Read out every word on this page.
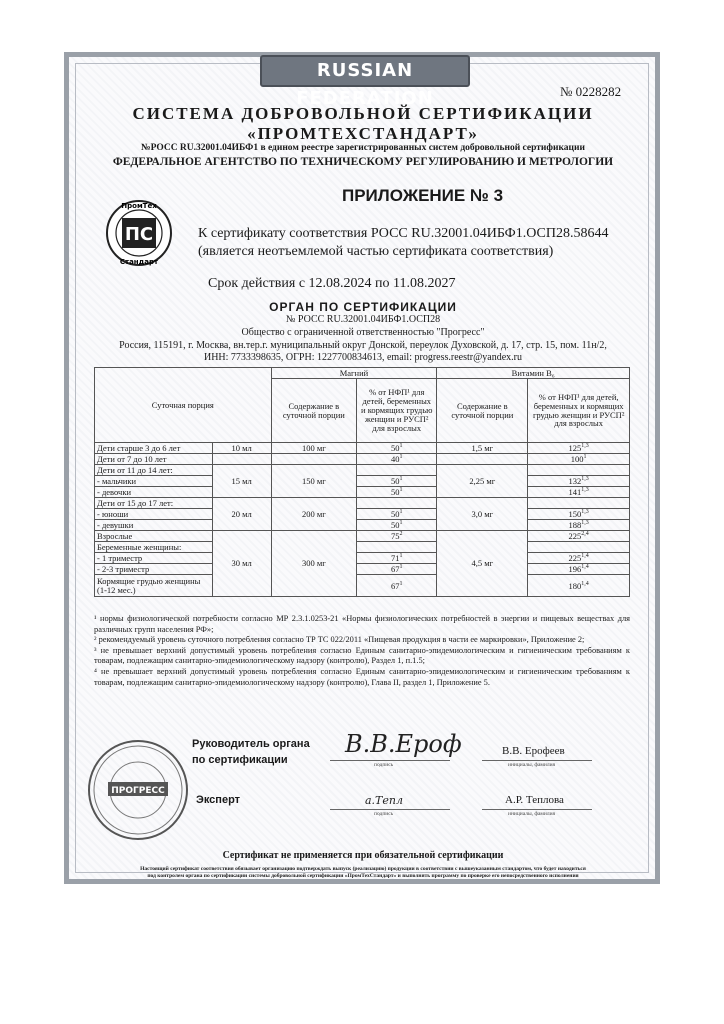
RUSSIAN FEDERATION	№ 0228282
СИСТЕМА ДОБРОВОЛЬНОЙ СЕРТИФИКАЦИИ
«ПРОМТЕХСТАНДАРТ»
№РОСС RU.32001.04ИБФ1 в едином реестре зарегистрированных систем добровольной сертификации
ФЕДЕРАЛЬНОЕ АГЕНТСТВО ПО ТЕХНИЧЕСКОМУ РЕГУЛИРОВАНИЮ И МЕТРОЛОГИИ
ПРИЛОЖЕНИЕ № 3
ПС
ПромТех
Стандарт
К сертификату соответствия РОСС RU.32001.04ИБФ1.ОСП28.58644
(является неотъемлемой частью сертификата соответствия)
Срок действия с 12.08.2024 по 11.08.2027
ОРГАН ПО СЕРТИФИКАЦИИ
№ РОСС RU.32001.04ИБФ1.ОСП28
Общество с ограниченной ответственностью "Прогресс"
Россия, 115191, г. Москва, вн.тер.г. муниципальный округ Донской, переулок Духовской, д. 17, стр. 15, пом. 11н/2,
ИНН: 7733398635, ОГРН: 1227700834613, email: progress.reestr@yandex.ru
Суточная порция		Магний		Витамин B₆	
		Содержание в суточной порции	% от НФП¹ для детей, беременных и кормящих грудью женщин и РУСП² для взрослых	Содержание в суточной порции	% от НФП¹ для детей, беременных и кормящих грудью женщин и РУСП² для взрослых
Дети старше 3 до 6 лет	10 мл	100 мг	$50^1$	1,5 мг	125$^{1,3}$
Дети от 7 до 10 лет			$40^1$		$100^1$
Дети от 11 до 14 лет:	15 мл	150 мг		2,25 мг	
- мальчики			$50^1$		132$^{1,3}$
- девочки			$50^1$		141$^{1,3}$
Дети от 15 до 17 лет:	20 мл	200 мг		3,0 мг	
- юноши			$50^1$		150$^{1,3}$
- девушки			$50^1$		188$^{1,3}$
Взрослые	30 мл	300 мг	$75^2$	4,5 мг	225$^{2,4}$
Беременные женщины:					
- 1 триместр			$71^1$		225$^{1,4}$
- 2-3 триместр			$67^1$		196$^{1,4}$
Кормящие грудью женщины (1-12 мес.)			$67^1$		180$^{1,4}$

¹ нормы физиологической потребности согласно МР 2.3.1.0253-21 «Нормы физиологических потребностей в энергии и пищевых веществах для различных групп населения РФ»;

² рекомендуемый уровень суточного потребления согласно ТР ТС 022/2011 «Пищевая продукция в части ее маркировки», Приложение 2;

³ не превышает верхний допустимый уровень потребления согласно Единым санитарно-эпидемиологическим и гигиеническим требованиям к товарам, подлежащим санитарно-эпидемиологическому надзору (контролю), Раздел 1, п.1.5;

⁴ не превышает верхний допустимый уровень потребления согласно Единым санитарно-эпидемиологическим и гигиеническим требованиям к товарам, подлежащим санитарно-эпидемиологическому надзору (контролю), Глава II, раздел 1, Приложение 5.

ПРОГРЕСС
Руководитель органа
по сертификации
В.В.Ероф
подпись
В.В. Ерофеев
инициалы, фамилия
Эксперт	a.Тепл
подпись
А.Р. Теплова
инициалы, фамилия
Сертификат не применяется при обязательной сертификации
Настоящий сертификат соответствия обязывает организацию подтверждать выпуск (реализацию) продукции в соответствии с вышеуказанным стандартом, что будет находиться
под контролем органа по сертификации системы добровольной сертификации «ПромТехСтандарт» и выполнять программу по проверке его непосредственного исполнения
